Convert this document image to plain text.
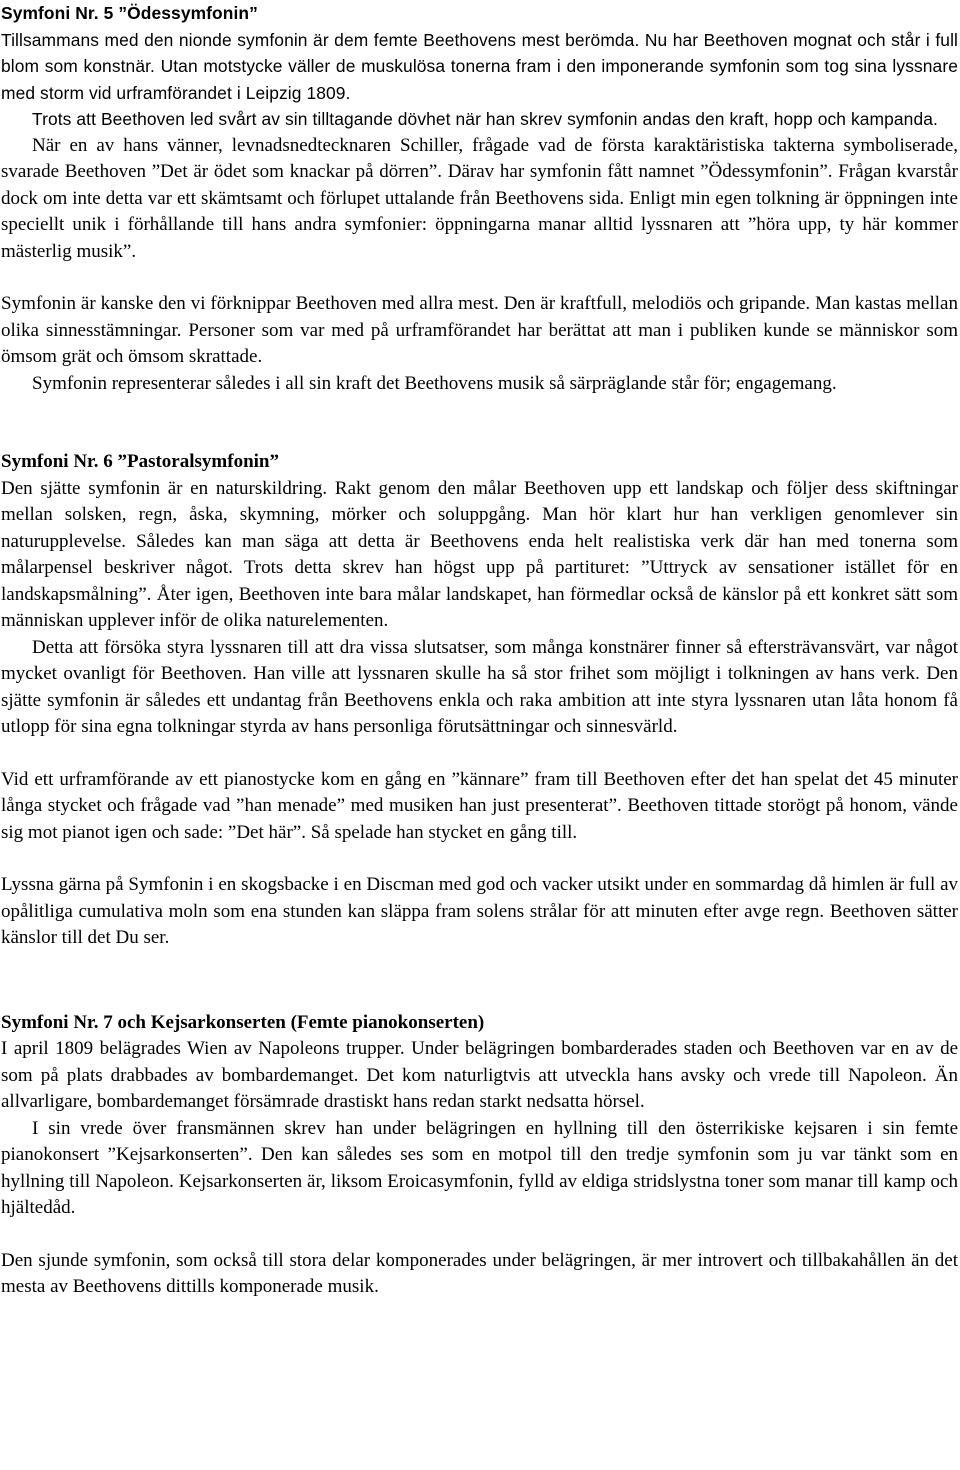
Symfoni Nr. 5 ”Ödessymfonin”

Tillsammans med den nionde symfonin är dem femte Beethovens mest berömda. Nu har Beethoven mognat och står i full blom som konstnär. Utan motstycke väller de muskulösa tonerna fram i den imponerande symfonin som tog sina lyssnare med storm vid urframförandet i Leipzig 1809.

Trots att Beethoven led svårt av sin tilltagande dövhet när han skrev symfonin andas den kraft, hopp och kampanda.

När en av hans vänner, levnadsnedtecknaren Schiller, frågade vad de första karaktäristiska takterna symboliserade, svarade Beethoven ”Det är ödet som knackar på dörren”. Därav har symfonin fått namnet ”Ödessymfonin”. Frågan kvarstår dock om inte detta var ett skämtsamt och förlupet uttalande från Beethovens sida. Enligt min egen tolkning är öppningen inte speciellt unik i förhållande till hans andra symfonier: öppningarna manar alltid lyssnaren att ”höra upp, ty här kommer mästerlig musik”.

Symfonin är kanske den vi förknippar Beethoven med allra mest. Den är kraftfull, melodiös och gripande. Man kastas mellan olika sinnesstämningar. Personer som var med på urframförandet har berättat att man i publiken kunde se människor som ömsom grät och ömsom skrattade.

Symfonin representerar således i all sin kraft det Beethovens musik så särpräglande står för; engagemang.

Symfoni Nr. 6 ”Pastoralsymfonin”

Den sjätte symfonin är en naturskildring. Rakt genom den målar Beethoven upp ett landskap och följer dess skiftningar mellan solsken, regn, åska, skymning, mörker och soluppgång. Man hör klart hur han verkligen genomlever sin naturupplevelse. Således kan man säga att detta är Beethovens enda helt realistiska verk där han med tonerna som målarpensel beskriver något. Trots detta skrev han högst upp på partituret: ”Uttryck av sensationer istället för en landskapsmålning”. Åter igen, Beethoven inte bara målar landskapet, han förmedlar också de känslor på ett konkret sätt som människan upplever inför de olika naturelementen.

Detta att försöka styra lyssnaren till att dra vissa slutsatser, som många konstnärer finner så eftersträvansvärt, var något mycket ovanligt för Beethoven. Han ville att lyssnaren skulle ha så stor frihet som möjligt i tolkningen av hans verk. Den sjätte symfonin är således ett undantag från Beethovens enkla och raka ambition att inte styra lyssnaren utan låta honom få utlopp för sina egna tolkningar styrda av hans personliga förutsättningar och sinnesvärld.

Vid ett urframförande av ett pianostycke kom en gång en ”kännare” fram till Beethoven efter det han spelat det 45 minuter långa stycket och frågade vad ”han menade” med musiken han just presenterat”. Beethoven tittade storögt på honom, vände sig mot pianot igen och sade: ”Det här”. Så spelade han stycket en gång till.

Lyssna gärna på Symfonin i en skogsbacke i en Discman med god och vacker utsikt under en sommardag då himlen är full av opålitliga cumulativa moln som ena stunden kan släppa fram solens strålar för att minuten efter avge regn. Beethoven sätter känslor till det Du ser.

Symfoni Nr. 7 och Kejsarkonserten (Femte pianokonserten)

I april 1809 belägrades Wien av Napoleons trupper. Under belägringen bombarderades staden och Beethoven var en av de som på plats drabbades av bombardemanget. Det kom naturligtvis att utveckla hans avsky och vrede till Napoleon. Än allvarligare, bombardemanget försämrade drastiskt hans redan starkt nedsatta hörsel.

I sin vrede över fransmännen skrev han under belägringen en hyllning till den österrikiske kejsaren i sin femte pianokonsert ”Kejsarkonserten”. Den kan således ses som en motpol till den tredje symfonin som ju var tänkt som en hyllning till Napoleon. Kejsarkonserten är, liksom Eroicasymfonin, fylld av eldiga stridslystna toner som manar till kamp och hjältedåd.

Den sjunde symfonin, som också till stora delar komponerades under belägringen, är mer introvert och tillbakahållen än det mesta av Beethovens dittills komponerade musik.
